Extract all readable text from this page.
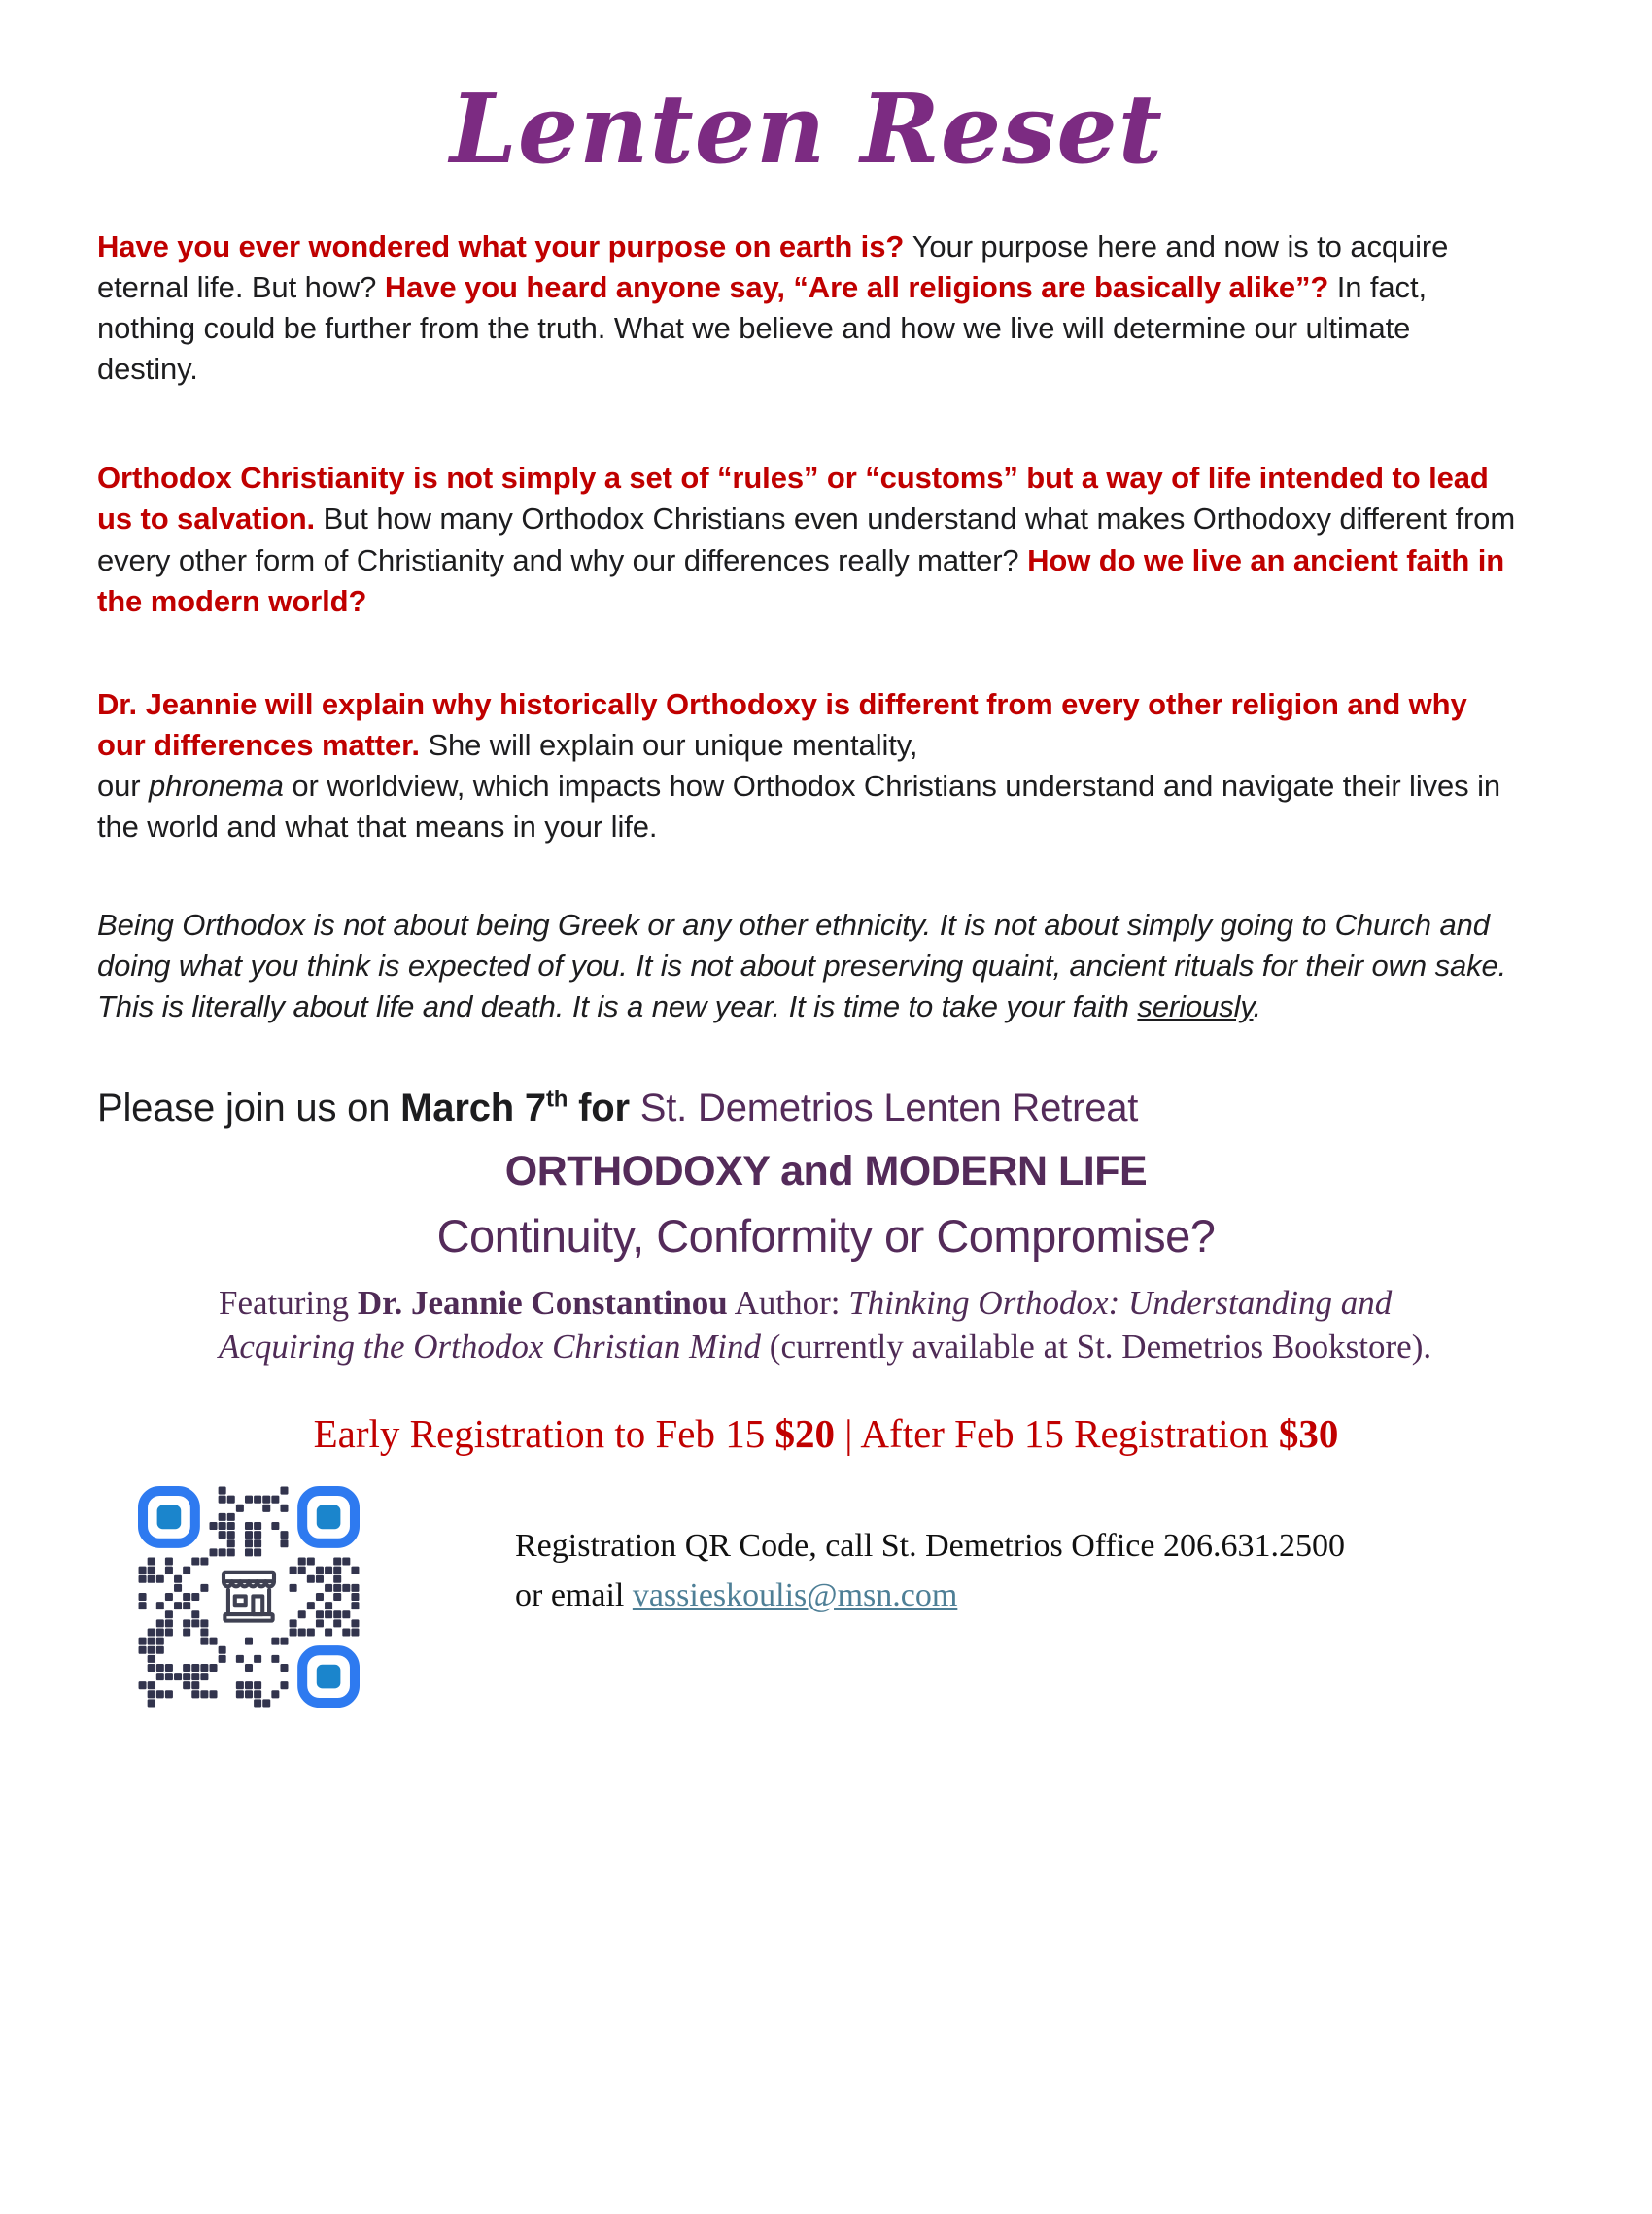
Lenten Reset
Have you ever wondered what your purpose on earth is? Your purpose here and now is to acquire eternal life. But how? Have you heard anyone say, “Are all religions are basically alike”? In fact, nothing could be further from the truth. What we believe and how we live will determine our ultimate destiny.
Orthodox Christianity is not simply a set of “rules” or “customs” but a way of life intended to lead us to salvation. But how many Orthodox Christians even understand what makes Orthodoxy different from every other form of Christianity and why our differences really matter? How do we live an ancient faith in the modern world?
Dr. Jeannie will explain why historically Orthodoxy is different from every other religion and why our differences matter. She will explain our unique mentality,
our phronema or worldview, which impacts how Orthodox Christians understand and navigate their lives in the world and what that means in your life.
Being Orthodox is not about being Greek or any other ethnicity. It is not about simply going to Church and doing what you think is expected of you. It is not about preserving quaint, ancient rituals for their own sake. This is literally about life and death. It is a new year. It is time to take your faith seriously.
Please join us on March 7th for St. Demetrios Lenten Retreat
ORTHODOXY and MODERN LIFE
Continuity, Conformity or Compromise?
Featuring Dr. Jeannie Constantinou Author: Thinking Orthodox: Understanding and Acquiring the Orthodox Christian Mind (currently available at St. Demetrios Bookstore).
Early Registration to Feb 15 $20 | After Feb 15 Registration $30
Registration QR Code, call St. Demetrios Office 206.631.2500
or email vassieskoulis@msn.com
